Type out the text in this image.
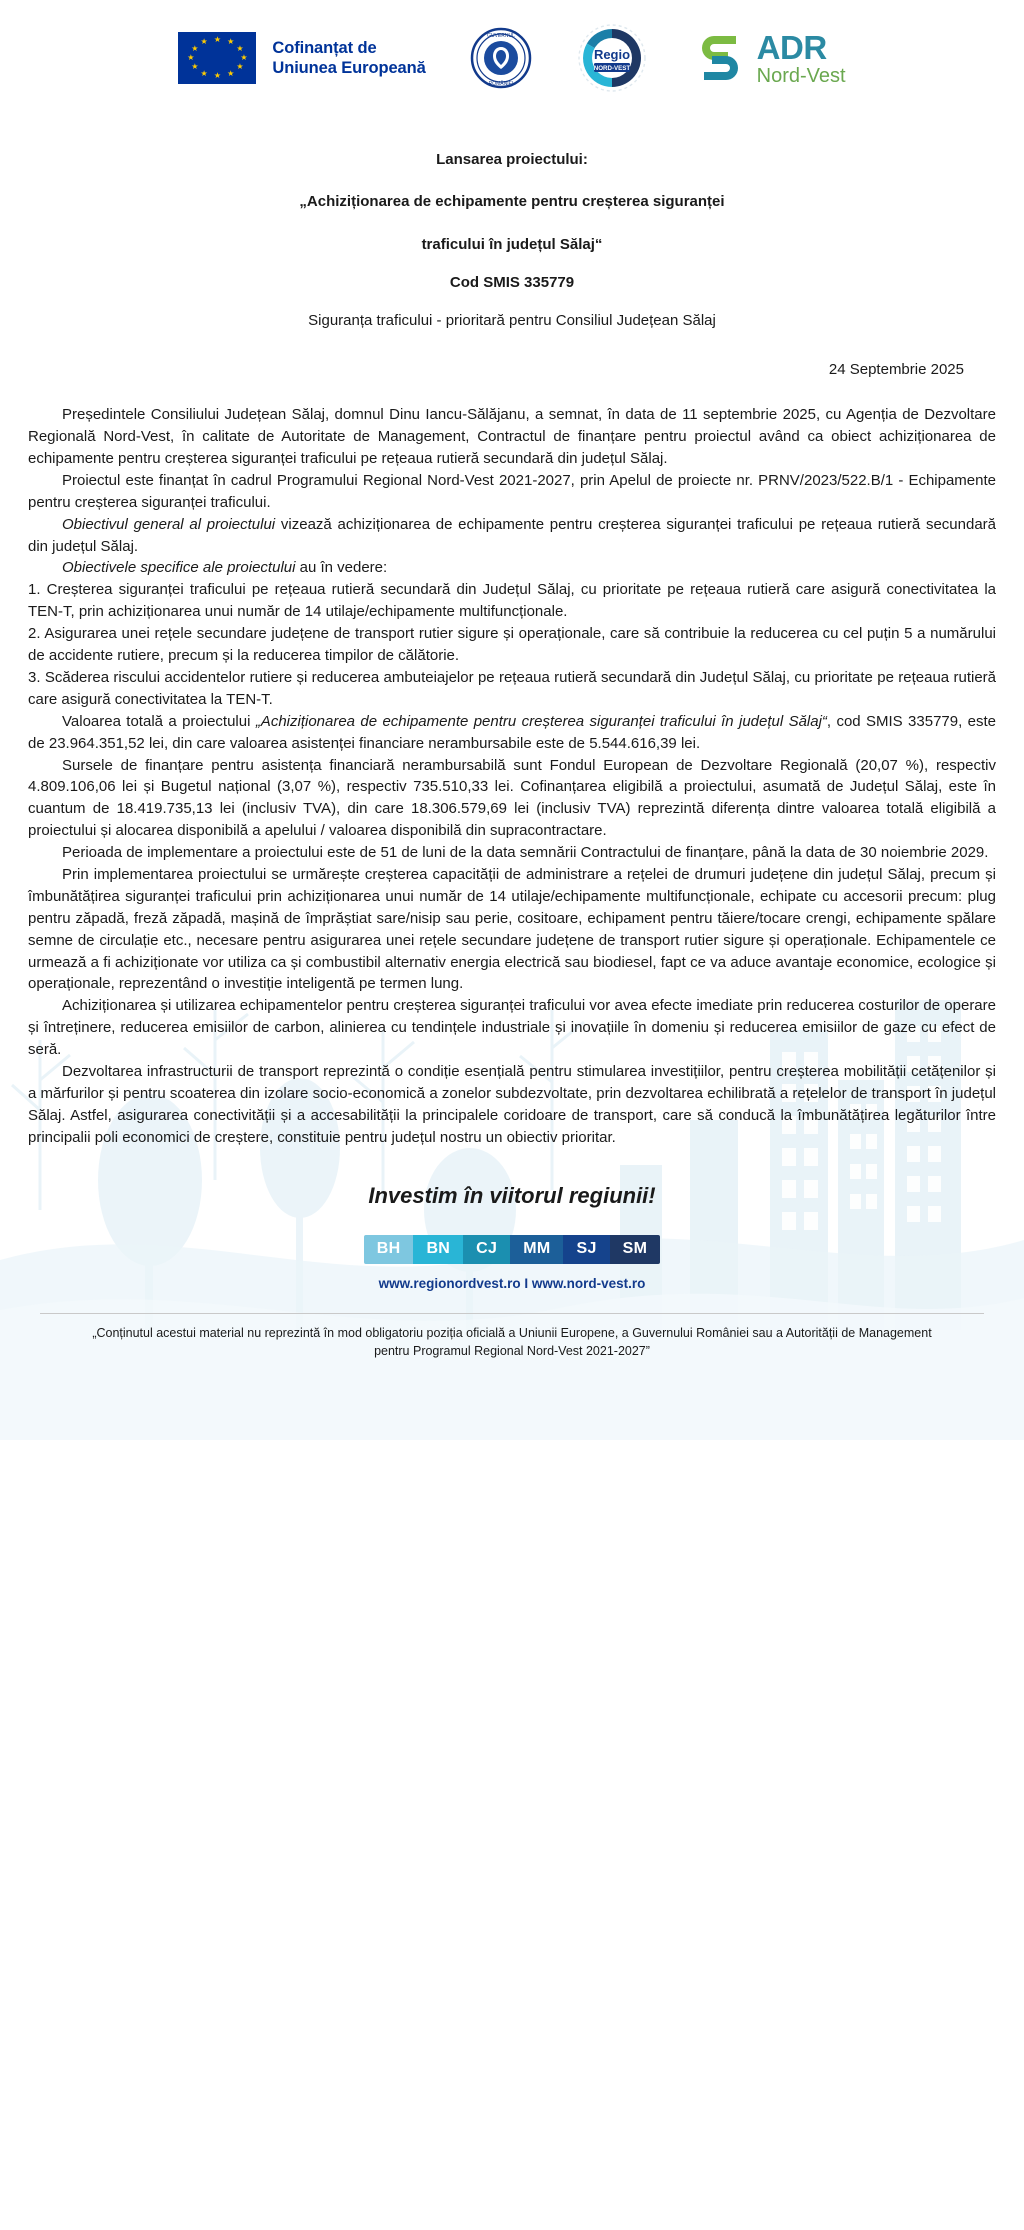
★ ★
★
★
★
★
★
★
★
★
★
★	Cofinanțat de
Uniunea Europeană
GUVERNUL
ROMÂNIEI
Regio
NORD-VEST
ADR
Nord-Vest

Lansarea proiectului:

„Achiziționarea de echipamente pentru creșterea siguranței

traficului în județul Sălaj“

Cod SMIS 335779

Siguranța traficului - prioritară pentru Consiliul Județean Sălaj

24 Septembrie 2025

Președintele Consiliului Județean Sălaj, domnul Dinu Iancu-Sălăjanu, a semnat, în data de 11 septembrie 2025, cu Agenția de Dezvoltare Regională Nord-Vest, în calitate de Autoritate de Management, Contractul de finanțare pentru proiectul având ca obiect achiziționarea de echipamente pentru creșterea siguranței traficului pe rețeaua rutieră secundară din județul Sălaj.

Proiectul este finanțat în cadrul Programului Regional Nord-Vest 2021-2027, prin Apelul de proiecte nr. PRNV/2023/522.B/1 - Echipamente pentru creșterea siguranței traficului.

Obiectivul general al proiectului vizează achiziționarea de echipamente pentru creșterea siguranței traficului pe rețeaua rutieră secundară din județul Sălaj.

Obiectivele specifice ale proiectului au în vedere:

1. Creșterea siguranței traficului pe rețeaua rutieră secundară din Județul Sălaj, cu prioritate pe rețeaua rutieră care asigură conectivitatea la TEN-T, prin achiziționarea unui număr de 14 utilaje/echipamente multifuncționale.

2. Asigurarea unei rețele secundare județene de transport rutier sigure și operaționale, care să contribuie la reducerea cu cel puțin 5 a numărului de accidente rutiere, precum și la reducerea timpilor de călătorie.

3. Scăderea riscului accidentelor rutiere și reducerea ambuteiajelor pe rețeaua rutieră secundară din Județul Sălaj, cu prioritate pe rețeaua rutieră care asigură conectivitatea la TEN-T.

Valoarea totală a proiectului „Achiziționarea de echipamente pentru creșterea siguranței traficului în județul Sălaj“, cod SMIS 335779, este de 23.964.351,52 lei, din care valoarea asistenței financiare nerambursabile este de 5.544.616,39 lei.

Sursele de finanțare pentru asistența financiară nerambursabilă sunt Fondul European de Dezvoltare Regională (20,07 %), respectiv 4.809.106,06 lei și Bugetul național (3,07 %), respectiv 735.510,33 lei. Cofinanțarea eligibilă a proiectului, asumată de Județul Sălaj, este în cuantum de 18.419.735,13 lei (inclusiv TVA), din care 18.306.579,69 lei (inclusiv TVA) reprezintă diferența dintre valoarea totală eligibilă a proiectului și alocarea disponibilă a apelului / valoarea disponibilă din supracontractare.

Perioada de implementare a proiectului este de 51 de luni de la data semnării Contractului de finanțare, până la data de 30 noiembrie 2029.

Prin implementarea proiectului se urmărește creșterea capacității de administrare a rețelei de drumuri județene din județul Sălaj, precum și îmbunătățirea siguranței traficului prin achiziționarea unui număr de 14 utilaje/echipamente multifuncționale, echipate cu accesorii precum: plug pentru zăpadă, freză zăpadă, mașină de împrăștiat sare/nisip sau perie, cositoare, echipament pentru tăiere/tocare crengi, echipamente spălare semne de circulație etc., necesare pentru asigurarea unei rețele secundare județene de transport rutier sigure și operaționale. Echipamentele ce urmează a fi achiziționate vor utiliza ca și combustibil alternativ energia electrică sau biodiesel, fapt ce va aduce avantaje economice, ecologice și operaționale, reprezentând o investiție inteligentă pe termen lung.

Achiziționarea și utilizarea echipamentelor pentru creșterea siguranței traficului vor avea efecte imediate prin reducerea costurilor de operare și întreținere, reducerea emisiilor de carbon, alinierea cu tendințele industriale și inovațiile în domeniu și reducerea emisiilor de gaze cu efect de seră.

Dezvoltarea infrastructurii de transport reprezintă o condiție esențială pentru stimularea investițiilor, pentru creșterea mobilității cetățenilor și a mărfurilor și pentru scoaterea din izolare socio-economică a zonelor subdezvoltate, prin dezvoltarea echilibrată a rețelelor de transport în județul Sălaj. Astfel, asigurarea conectivității și a accesabilității la principalele coridoare de transport, care să conducă la îmbunătățirea legăturilor între principalii poli economici de creștere, constituie pentru județul nostru un obiectiv prioritar.

Investim în viitorul regiunii!
BH	BN	CJ	MM	SJ	SM

www.regionordvest.ro I www.nord-vest.ro

„Conținutul acestui material nu reprezintă în mod obligatoriu poziția oficială a Uniunii Europene, a Guvernului României sau a Autorității de Management pentru Programul Regional Nord-Vest 2021-2027”
